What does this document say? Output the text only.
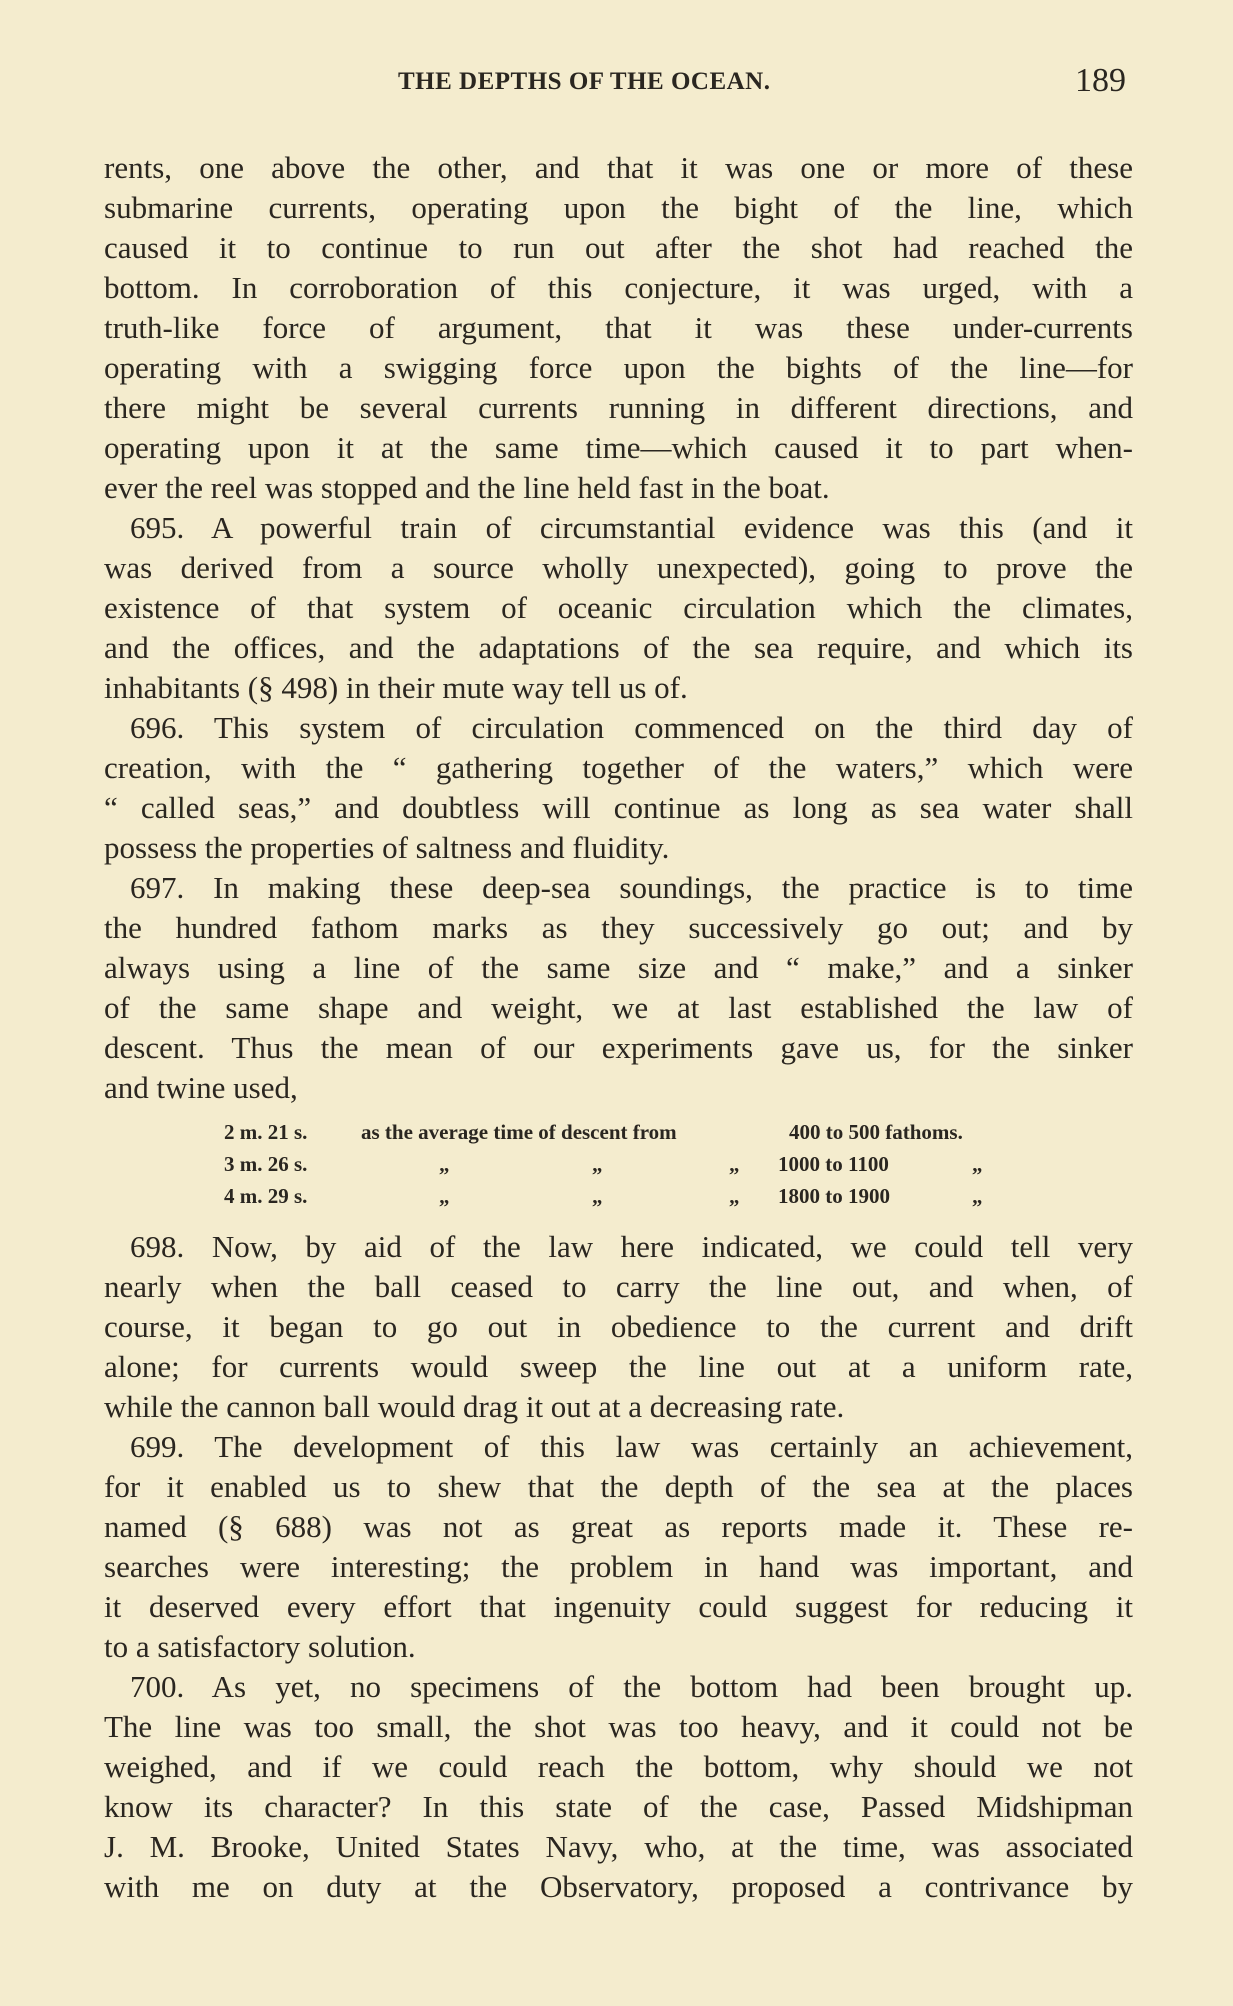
THE DEPTHS OF THE OCEAN.	189
rents, one above the other, and that it was one or more of these
submarine currents, operating upon the bight of the line, which
caused it to continue to run out after the shot had reached the
bottom. In corroboration of this conjecture, it was urged, with a
truth-like force of argument, that it was these under-currents
operating with a swigging force upon the bights of the line—for
there might be several currents running in different directions, and
operating upon it at the same time—which caused it to part when-
ever the reel was stopped and the line held fast in the boat.
695. A powerful train of circumstantial evidence was this (and it
was derived from a source wholly unexpected), going to prove the
existence of that system of oceanic circulation which the climates,
and the offices, and the adaptations of the sea require, and which its
inhabitants (§ 498) in their mute way tell us of.
696. This system of circulation commenced on the third day of
creation, with the “ gathering together of the waters,” which were
“ called seas,” and doubtless will continue as long as sea water shall
possess the properties of saltness and fluidity.
697. In making these deep-sea soundings, the practice is to time
the hundred fathom marks as they successively go out; and by
always using a line of the same size and “ make,” and a sinker
of the same shape and weight, we at last established the law of
descent. Thus the mean of our experiments gave us, for the sinker
and twine used,
698. Now, by aid of the law here indicated, we could tell very
nearly when the ball ceased to carry the line out, and when, of
course, it began to go out in obedience to the current and drift
alone; for currents would sweep the line out at a uniform rate,
while the cannon ball would drag it out at a decreasing rate.
699. The development of this law was certainly an achievement,
for it enabled us to shew that the depth of the sea at the places
named (§ 688) was not as great as reports made it. These re-
searches were interesting; the problem in hand was important, and
it deserved every effort that ingenuity could suggest for reducing it
to a satisfactory solution.
700. As yet, no specimens of the bottom had been brought up.
The line was too small, the shot was too heavy, and it could not be
weighed, and if we could reach the bottom, why should we not
know its character? In this state of the case, Passed Midshipman
J. M. Brooke, United States Navy, who, at the time, was associated
with me on duty at the Observatory, proposed a contrivance by
2 m. 21 s.	as the average time of descent from	400 to 500 fathoms.
3 m. 26 s.	„	„	„ 1000 to 1100	„
4 m. 29 s.	„	„	„ 1800 to 1900	„
